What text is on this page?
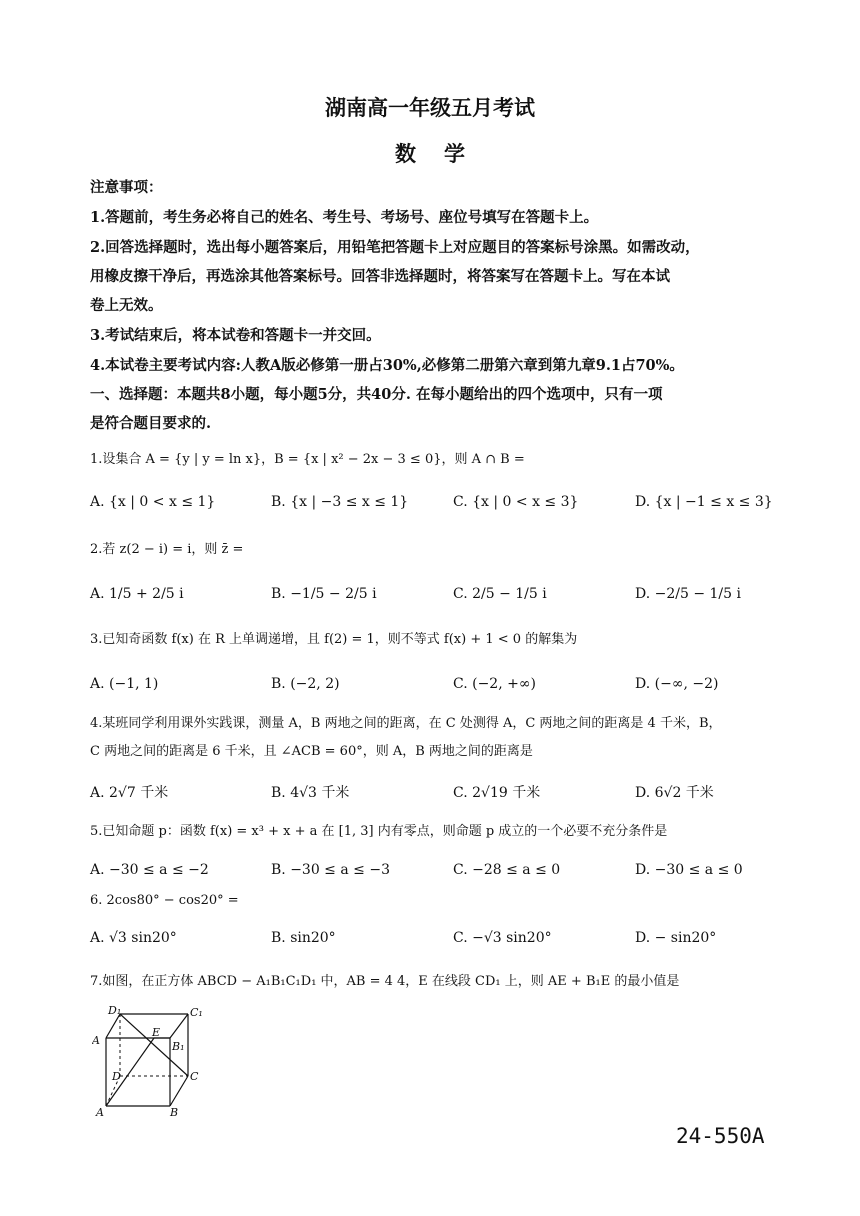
湖南高一年级五月考试
数学
注意事项：
1.答题前，考生务必将自己的姓名、考生号、考场号、座位号填写在答题卡上。
2.回答选择题时，选出每小题答案后，用铅笔把答题卡上对应题目的答案标号涂黑。如需改动，
用橡皮擦干净后，再选涂其他答案标号。回答非选择题时，将答案写在答题卡上。写在本试
卷上无效。
3.考试结束后，将本试卷和答题卡一并交回。
4.本试卷主要考试内容:人教A版必修第一册占30%,必修第二册第六章到第九章9.1占70%。
一、选择题：本题共8小题，每小题5分，共40分. 在每小题给出的四个选项中，只有一项
是符合题目要求的.
1.设集合 A = {y | y = ln x}，B = {x | x² − 2x − 3 ≤ 0}，则 A ∩ B =
A. {x | 0 < x ≤ 1}	B. {x | −3 ≤ x ≤ 1}	C. {x | 0 < x ≤ 3}	D. {x | −1 ≤ x ≤ 3}
2.若 z(2 − i) = i，则 z̄ =
A. 1/5 + 2/5 i	B. −1/5 − 2/5 i	C. 2/5 − 1/5 i	D. −2/5 − 1/5 i
3.已知奇函数 f(x) 在 R 上单调递增，且 f(2) = 1，则不等式 f(x) + 1 < 0 的解集为
A. (−1, 1)	B. (−2, 2)	C. (−2, +∞)	D. (−∞, −2)
4.某班同学利用课外实践课，测量 A，B 两地之间的距离，在 C 处测得 A，C 两地之间的距离是 4 千米，B，
C 两地之间的距离是 6 千米，且 ∠ACB = 60°，则 A，B 两地之间的距离是
A. 2√7 千米	B. 4√3 千米	C. 2√19 千米	D. 6√2 千米
5.已知命题 p：函数 f(x) = x³ + x + a 在 [1, 3] 内有零点，则命题 p 成立的一个必要不充分条件是
A. −30 ≤ a ≤ −2	B. −30 ≤ a ≤ −3	C. −28 ≤ a ≤ 0	D. −30 ≤ a ≤ 0
6. 2cos80° − cos20° =
A. √3 sin20°	B. sin20°	C. −√3 sin20°	D. − sin20°
7.如图，在正方体 ABCD − A₁B₁C₁D₁ 中，AB = 4 4，E 在线段 CD₁ 上，则 AE + B₁E 的最小值是
D₁	C₁
A
E
B₁
D	C
A	B
24-550A
